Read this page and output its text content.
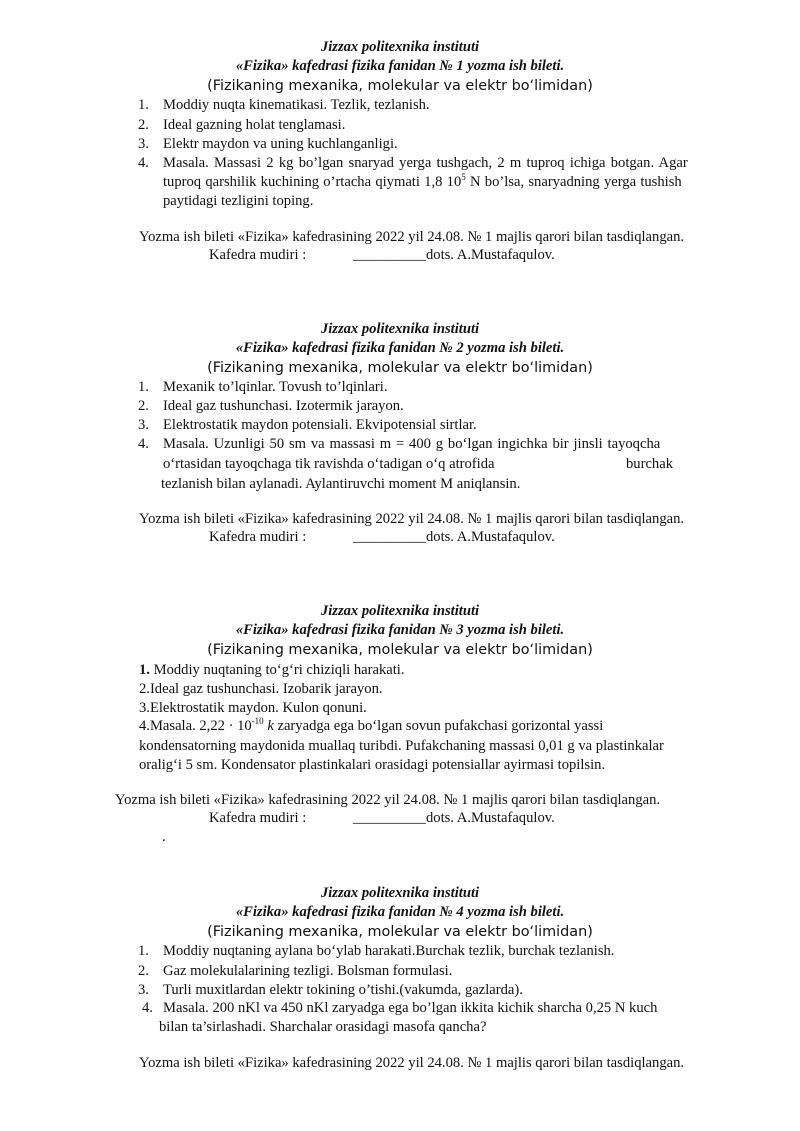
Jizzax politexnika instituti
«Fizika» kafedrasi fizika fanidan № 1 yozma ish bileti.
(Fizikaning mexanika, molekular va elektr bo‘limidan)
1. Moddiy nuqta kinematikasi. Tezlik, tezlanish.
2. Ideal gazning holat tenglamasi.
3. Elektr maydon va uning kuchlanganligi.
4. Masala. Massasi 2 kg bo’lgan snaryad yerga tushgach, 2 m tuproq ichiga botgan. Agar
tuproq qarshilik kuchining o’rtacha qiymati 1,8 $10^5$ N bo’lsa, snaryadning yerga tushish
paytidagi tezligini toping.
Yozma ish bileti «Fizika» kafedrasining 2022 yil 24.08. № 1 majlis qarori bilan tasdiqlangan.
Kafedra mudiri :	__________dots. A.Mustafaqulov.
Jizzax politexnika instituti
«Fizika» kafedrasi fizika fanidan № 2 yozma ish bileti.
(Fizikaning mexanika, molekular va elektr bo‘limidan)
1. Mexanik to’lqinlar. Tovush to’lqinlari.
2. Ideal gaz tushunchasi. Izotermik jarayon.
3. Elektrostatik maydon potensiali. Ekvipotensial sirtlar.
4. Masala. Uzunligi 50 sm va massasi m = 400 g bo‘lgan ingichka bir jinsli tayoqcha
o‘rtasidan tayoqchaga tik ravishda o‘tadigan o‘q atrofida	burchak
tezlanish bilan aylanadi. Aylantiruvchi moment M aniqlansin.
Yozma ish bileti «Fizika» kafedrasining 2022 yil 24.08. № 1 majlis qarori bilan tasdiqlangan.
Kafedra mudiri :	__________dots. A.Mustafaqulov.
Jizzax politexnika instituti
«Fizika» kafedrasi fizika fanidan № 3 yozma ish bileti.
(Fizikaning mexanika, molekular va elektr bo‘limidan)
1. Moddiy nuqtaning to‘g‘ri chiziqli harakati.
2.Ideal gaz tushunchasi. Izobarik jarayon.
3.Elektrostatik maydon. Kulon qonuni.
4.Masala. $2,22 \cdot 10^{-10}$ k zaryadga ega bo‘lgan sovun pufakchasi gorizontal yassi
kondensatorning maydonida muallaq turibdi. Pufakchaning massasi 0,01 g va plastinkalar
oralig‘i 5 sm. Kondensator plastinkalari orasidagi potensiallar ayirmasi topilsin.
Yozma ish bileti «Fizika» kafedrasining 2022 yil 24.08. № 1 majlis qarori bilan tasdiqlangan.
Kafedra mudiri :	__________dots. A.Mustafaqulov.
.
Jizzax politexnika instituti
«Fizika» kafedrasi fizika fanidan № 4 yozma ish bileti.
(Fizikaning mexanika, molekular va elektr bo‘limidan)
1. Moddiy nuqtaning aylana bo‘ylab harakati.Burchak tezlik, burchak tezlanish.
2. Gaz molekulalarining tezligi. Bolsman formulasi.
3. Turli muxitlardan elektr tokining o’tishi.(vakumda, gazlarda).
4. Masala. 200 nKl va 450 nKl zaryadga ega bo’lgan ikkita kichik sharcha 0,25 N kuch
bilan ta’sirlashadi. Sharchalar orasidagi masofa qancha?
Yozma ish bileti «Fizika» kafedrasining 2022 yil 24.08. № 1 majlis qarori bilan tasdiqlangan.
